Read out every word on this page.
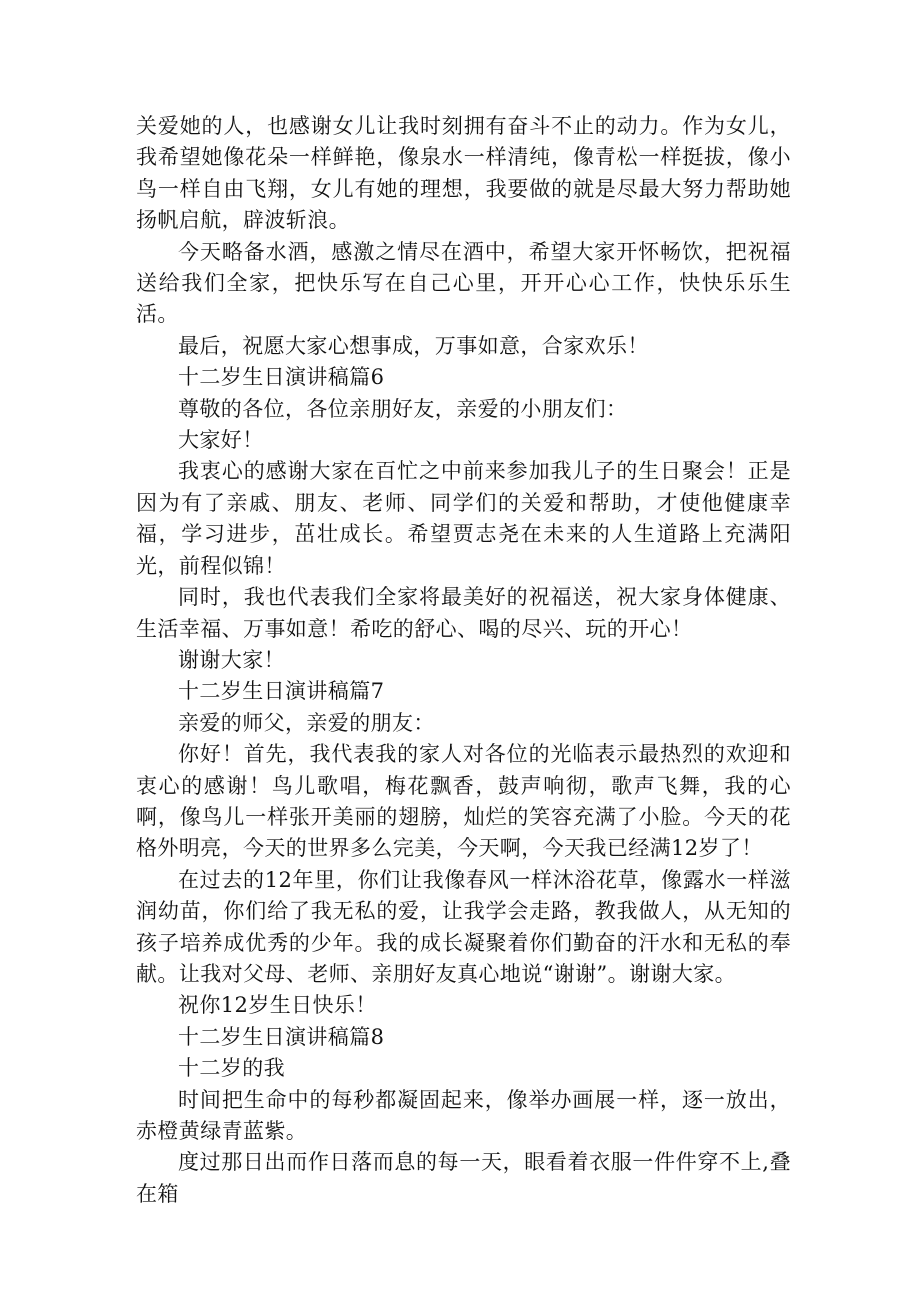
关爱她的人，也感谢女儿让我时刻拥有奋斗不止的动力。作为女儿，我希望她像花朵一样鲜艳，像泉水一样清纯，像青松一样挺拔，像小鸟一样自由飞翔，女儿有她的理想，我要做的就是尽最大努力帮助她扬帆启航，辟波斩浪。

今天略备水酒，感激之情尽在酒中，希望大家开怀畅饮，把祝福送给我们全家，把快乐写在自己心里，开开心心工作，快快乐乐生活。

最后，祝愿大家心想事成，万事如意，合家欢乐！

十二岁生日演讲稿篇6

尊敬的各位，各位亲朋好友，亲爱的小朋友们：

大家好！

我衷心的感谢大家在百忙之中前来参加我儿子的生日聚会！正是因为有了亲戚、朋友、老师、同学们的关爱和帮助，才使他健康幸福，学习进步，茁壮成长。希望贾志尧在未来的人生道路上充满阳光，前程似锦！

同时，我也代表我们全家将最美好的祝福送，祝大家身体健康、生活幸福、万事如意！希吃的舒心、喝的尽兴、玩的开心！

谢谢大家！

十二岁生日演讲稿篇7

亲爱的师父，亲爱的朋友：

你好！首先，我代表我的家人对各位的光临表示最热烈的欢迎和衷心的感谢！鸟儿歌唱，梅花飘香，鼓声响彻，歌声飞舞，我的心啊，像鸟儿一样张开美丽的翅膀，灿烂的笑容充满了小脸。今天的花格外明亮，今天的世界多么完美，今天啊，今天我已经满12岁了！

在过去的12年里，你们让我像春风一样沐浴花草，像露水一样滋润幼苗，你们给了我无私的爱，让我学会走路，教我做人，从无知的孩子培养成优秀的少年。我的成长凝聚着你们勤奋的汗水和无私的奉献。让我对父母、老师、亲朋好友真心地说“谢谢”。谢谢大家。

祝你12岁生日快乐！

十二岁生日演讲稿篇8

十二岁的我

时间把生命中的每秒都凝固起来，像举办画展一样，逐一放出，赤橙黄绿青蓝紫。

度过那日出而作日落而息的每一天，眼看着衣服一件件穿不上,叠在箱
